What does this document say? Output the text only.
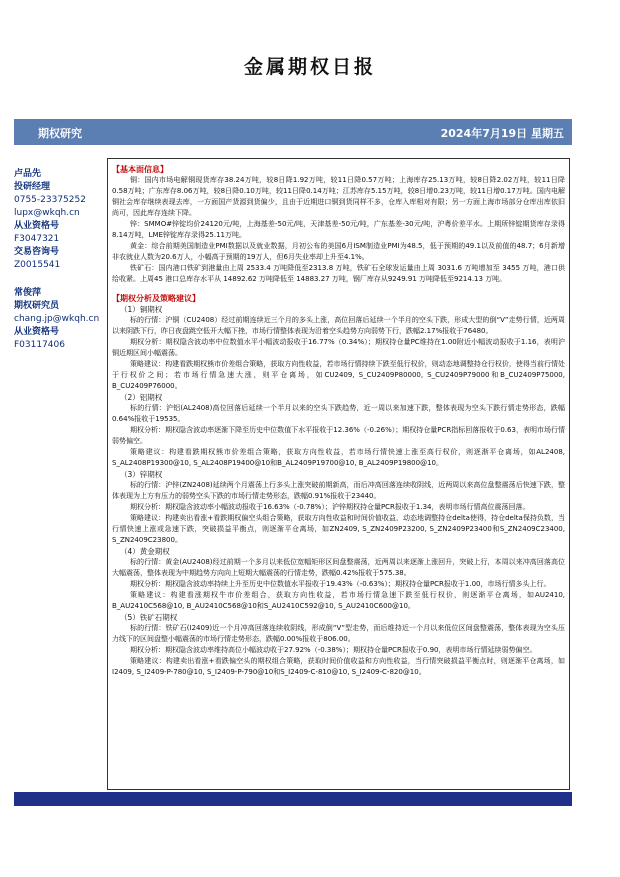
金属期权日报
期权研究	2024年7月19日 星期五
卢品先
投研经理
0755-23375252
lupx@wkqh.cn
从业资格号
F3047321
交易咨询号
Z0015541
常俊萍
期权研究员
chang.jp@wkqh.cn
从业资格号
F03117406
【基本面信息】

铜：国内市场电解铜现货库存38.24万吨，较8日降1.92万吨，较11日降0.57万吨；上海库存25.13万吨，较8日降2.02万吨，较11日降0.58万吨；广东库存8.06万吨，较8日降0.10万吨，较11日降0.14万吨；江苏库存5.15万吨，较8日增0.23万吨，较11日增0.17万吨。国内电解铜社会库存继续表现去库，一方面国产货源到货偏少，且由于近期进口铜到货同样不多，仓库入库相对有限；另一方面上海市场部分仓库出库依旧尚可，因此库存连续下降。

锌：SMMO#锌锭均价24120元/吨，上海基差-50元/吨，天津基差-50元/吨，广东基差-30元/吨，沪粤价差平水。上期所锌锭期货库存录得8.14万吨，LME锌锭库存录得25.11万吨。

黄金：综合前期美国制造业PMI数据以及就业数据，月初公布的美国6月ISM制造业PMI为48.5，低于预期的49.1以及前值的48.7；6月新增非农就业人数为20.6万人，小幅高于预期的19万人，但6月失业率却上升至4.1%。

铁矿石：国内港口铁矿到港量由上周 2533.4 万吨降低至2313.8 万吨，铁矿石全球发运量由上周 3031.6 万吨增加至 3455 万吨，港口供给收紧。上周45 港口总库存水平从 14892.62 万吨降低至 14883.27 万吨，钢厂库存从9249.91 万吨降低至9214.13 万吨。

【期权分析及策略建议】

（1）铜期权

标的行情：沪铜（CU2408）经过前期连续近三个月的多头上涨，高位回落后延续一个半月的空头下跌，形成大型的倒“V”走势行情，近两周以来阴跌下行，昨日夜盘跳空低开大幅下挫，市场行情整体表现为沿着空头趋势方向弱势下行，跌幅2.17%报收于76480。

期权分析：期权隐含波动率中位数值水平小幅波动报收于16.77%（0.34%）；期权持仓量PC维持在1.00附近小幅波动报收于1.16，表明沪铜近期区间小幅震荡。

策略建议：构建看跌期权熊市价差组合策略，获取方向性收益，若市场行情持续下跌至低行权价，则动态地调整持仓行权价，使得当前行情处于行权价之间；若市场行情急速大涨，则平仓离场，如CU2409, S_CU2409P80000, S_CU2409P79000和B_CU2409P75000, B_CU2409P76000。

（2）铝期权

标的行情：沪铝(AL2408)高位回落后延续一个半月以来的空头下跌趋势，近一周以来加速下跌，整体表现为空头下跌行情走势形态，跌幅0.64%报收于19535。

期权分析：期权隐含波动率逐渐下降至历史中位数值下水平报收于12.36%（-0.26%）；期权持仓量PCR指标回落报收于0.63，表明市场行情弱势偏空。

策略建议：构建看跌期权熊市价差组合策略，获取方向性收益，若市场行情快速上涨至高行权价，则逐渐平仓离场，如AL2408, S_AL2408P19300@10, S_AL2408P19400@10和B_AL2409P19700@10, B_AL2409P19800@10。

（3）锌期权

标的行情：沪锌(ZN2408)延续两个月震荡上行多头上涨突破前期新高，而后冲高回落连续收阴线，近两周以来高位盘整震荡后快速下跌，整体表现为上方有压力的弱势空头下跌的市场行情走势形态，跌幅0.91%报收于23440。

期权分析：期权隐含波动率小幅波动报收于16.63%（-0.78%）；沪锌期权持仓量PCR报收于1.34，表明市场行情高位震荡回落。

策略建议：构建卖出看涨+看跌期权偏空头组合策略，获取方向性收益和时间价值收益，动态地调整持仓delta使得，持仓delta保持负数，当行情快速上涨或急速下跌，突破损益平衡点，则逐渐平仓离场，如ZN2409, S_ZN2409P23200, S_ZN2409P23400和S_ZN2409C23400, S_ZN2409C23800。

（4）黄金期权

标的行情：黄金(AU2408)经过前期一个多月以来低位宽幅矩形区间盘整震荡，近两周以来逐渐上涨回升，突破上行，本周以来冲高回落高位大幅震荡，整体表现为中期趋势方向向上短期大幅震荡的行情走势，跌幅0.42%报收于575.38。

期权分析：期权隐含波动率持续上升至历史中位数值水平报收于19.43%（-0.63%）；期权持仓量PCR报收于1.00，市场行情多头上行。

策略建议：构建看涨期权牛市价差组合，获取方向性收益，若市场行情急速下跌至低行权价，则逐渐平仓离场，如AU2410, B_AU2410C568@10, B_AU2410C568@10和S_AU2410C592@10, S_AU2410C600@10。

（5）铁矿石期权

标的行情：铁矿石(I2409)近一个月冲高回落连续收阴线，形成倒“V”型走势，而后维持近一个月以来低位区间盘整震荡，整体表现为空头压力线下的区间盘整小幅震荡的市场行情走势形态，跌幅0.00%报收于806.00。

期权分析：期权隐含波动率维持高位小幅波动收于27.92%（-0.38%）；期权持仓量PCR报收于0.90，表明市场行情延续弱势偏空。

策略建议：构建卖出看涨+看跌偏空头的期权组合策略，获取时间价值收益和方向性收益，当行情突破损益平衡点时，则逐渐平仓离场，如I2409, S_I2409-P-780@10, S_I2409-P-790@10和S_I2409-C-810@10, S_I2409-C-820@10。
